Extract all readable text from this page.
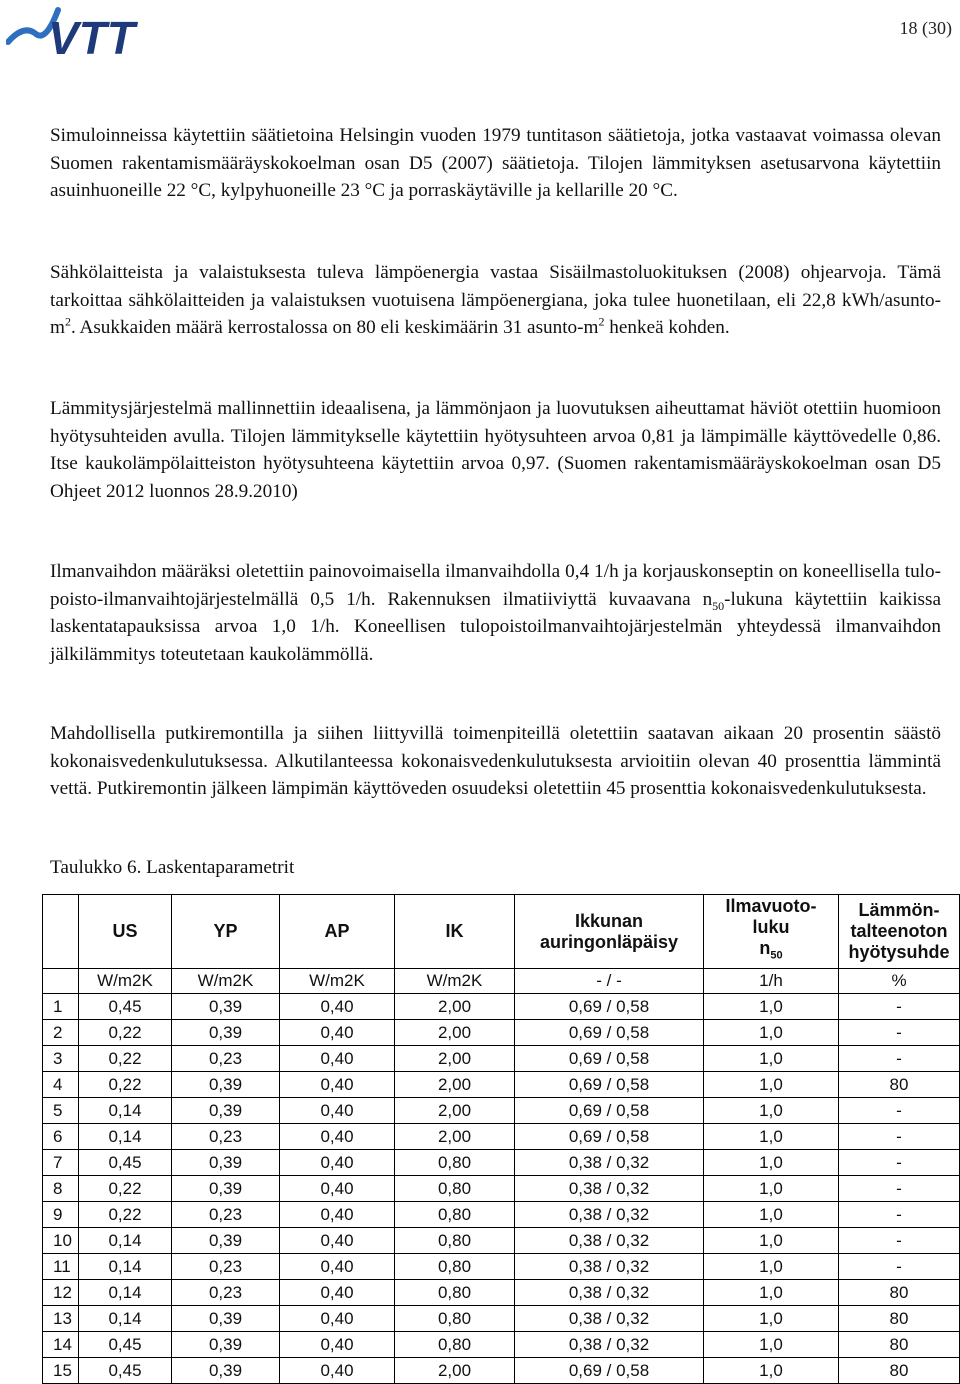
VTT	18 (30)

Simuloinneissa käytettiin säätietoina Helsingin vuoden 1979 tuntitason säätietoja, jotka vastaavat voimassa olevan Suomen rakentamismääräyskokoelman osan D5 (2007) säätietoja. Tilojen lämmityksen asetusarvona käytettiin asuinhuoneille 22 °C, kylpyhuoneille 23 °C ja porraskäytäville ja kellarille 20 °C.

Sähkölaitteista ja valaistuksesta tuleva lämpöenergia vastaa Sisäilmastoluokituksen (2008) ohjearvoja. Tämä tarkoittaa sähkölaitteiden ja valaistuksen vuotuisena lämpöenergiana, joka tulee huonetilaan, eli 22,8 kWh/$asunto-m^2$. Asukkaiden määrä kerrostalossa on 80 eli keskimäärin 31 asunto-$m^2$ henkeä kohden.

Lämmitysjärjestelmä mallinnettiin ideaalisena, ja lämmönjaon ja luovutuksen aiheuttamat häviöt otettiin huomioon hyötysuhteiden avulla. Tilojen lämmitykselle käytettiin hyötysuhteen arvoa 0,81 ja lämpimälle käyttövedelle 0,86. Itse kaukolämpölaitteiston hyötysuhteena käytettiin arvoa 0,97. (Suomen rakentamismääräyskokoelman osan D5 Ohjeet 2012 luonnos 28.9.2010)

Ilmanvaihdon määräksi oletettiin painovoimaisella ilmanvaihdolla 0,4 1/h ja korjauskonseptin on koneellisella tulo-poisto-ilmanvaihtojärjestelmällä 0,5 1/h. Rakennuksen ilmatiiviyttä kuvaavana $n_{50}$-lukuna käytettiin kaikissa laskentatapauksissa arvoa 1,0 1/h. Koneellisen tulopoistoilmanvaihtojärjestelmän yhteydessä ilmanvaihdon jälkilämmitys toteutetaan kaukolämmöllä.

Mahdollisella putkiremontilla ja siihen liittyvillä toimenpiteillä oletettiin saatavan aikaan 20 prosentin säästö kokonaisvedenkulutuksessa. Alkutilanteessa kokonaisvedenkulutuksesta arvioitiin olevan 40 prosenttia lämmintä vettä. Putkiremontin jälkeen lämpimän käyttöveden osuudeksi oletettiin 45 prosenttia kokonaisvedenkulutuksesta.

Taulukko 6. Laskentaparametrit

	US	YP	AP	IK	Ikkunan
auringonläpäisy	Ilmavuoto-
luku
$n_{50}$	Lämmön-
talteenoton
hyötysuhde
	W/m2K	W/m2K	W/m2K	W/m2K	- / -	1/h	%
1	0,45	0,39	0,40	2,00	0,69 / 0,58	1,0	-
2	0,22	0,39	0,40	2,00	0,69 / 0,58	1,0	-
3	0,22	0,23	0,40	2,00	0,69 / 0,58	1,0	-
4	0,22	0,39	0,40	2,00	0,69 / 0,58	1,0	80
5	0,14	0,39	0,40	2,00	0,69 / 0,58	1,0	-
6	0,14	0,23	0,40	2,00	0,69 / 0,58	1,0	-
7	0,45	0,39	0,40	0,80	0,38 / 0,32	1,0	-
8	0,22	0,39	0,40	0,80	0,38 / 0,32	1,0	-
9	0,22	0,23	0,40	0,80	0,38 / 0,32	1,0	-
10	0,14	0,39	0,40	0,80	0,38 / 0,32	1,0	-
11	0,14	0,23	0,40	0,80	0,38 / 0,32	1,0	-
12	0,14	0,23	0,40	0,80	0,38 / 0,32	1,0	80
13	0,14	0,39	0,40	0,80	0,38 / 0,32	1,0	80
14	0,45	0,39	0,40	0,80	0,38 / 0,32	1,0	80
15	0,45	0,39	0,40	2,00	0,69 / 0,58	1,0	80
